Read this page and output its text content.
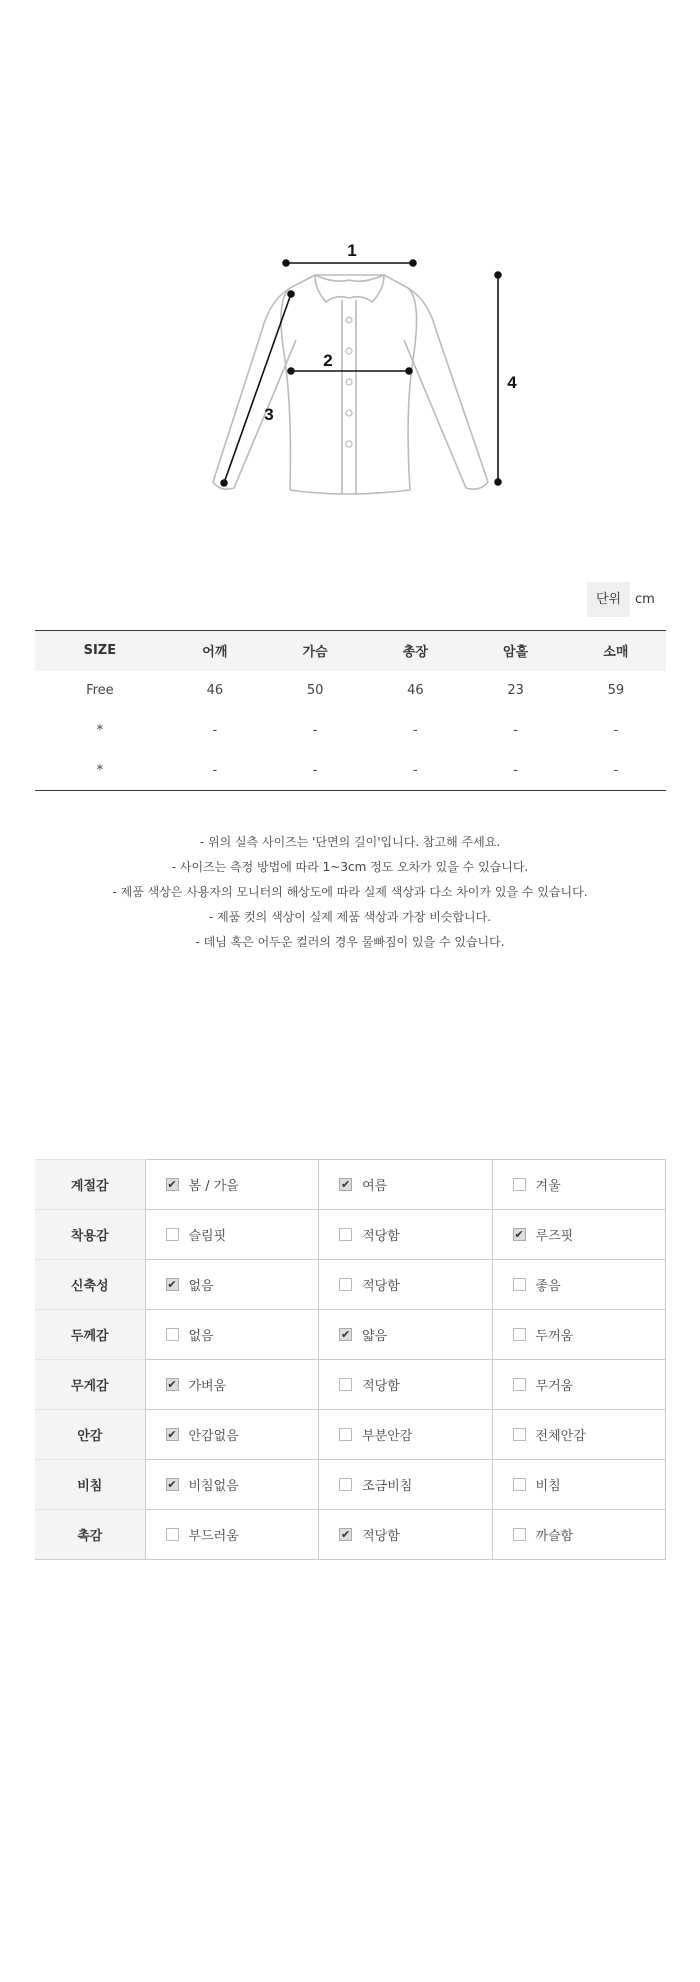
1
2
3
4
단위	cm
SIZE	어깨	가슴	총장	암홀	소매
Free	46	50	46	23	59
*	-	-	-	-	-
*	-	-	-	-	-

- 위의 실측 사이즈는 '단면의 길이'입니다. 참고해 주세요.

- 사이즈는 측정 방법에 따라 1~3cm 정도 오차가 있을 수 있습니다.

- 제품 색상은 사용자의 모니터의 해상도에 따라 실제 색상과 다소 차이가 있을 수 있습니다.

- 제품 컷의 색상이 실제 제품 색상과 가장 비슷합니다.

- 데님 혹은 어두운 컬러의 경우 물빠짐이 있을 수 있습니다.

계절감	✔ 봄 / 가을	✔ 여름	겨울

착용감	슬림핏	적당함	✔ 루즈핏

신축성	✔ 없음	적당함	좋음

두께감	없음	✔ 얇음	두꺼움

무게감	✔ 가벼움	적당함	무거움

안감	✔ 안감없음	부분안감	전체안감

비침	✔ 비침없음	조금비침	비침

촉감	부드러움	✔ 적당함	까슬함
